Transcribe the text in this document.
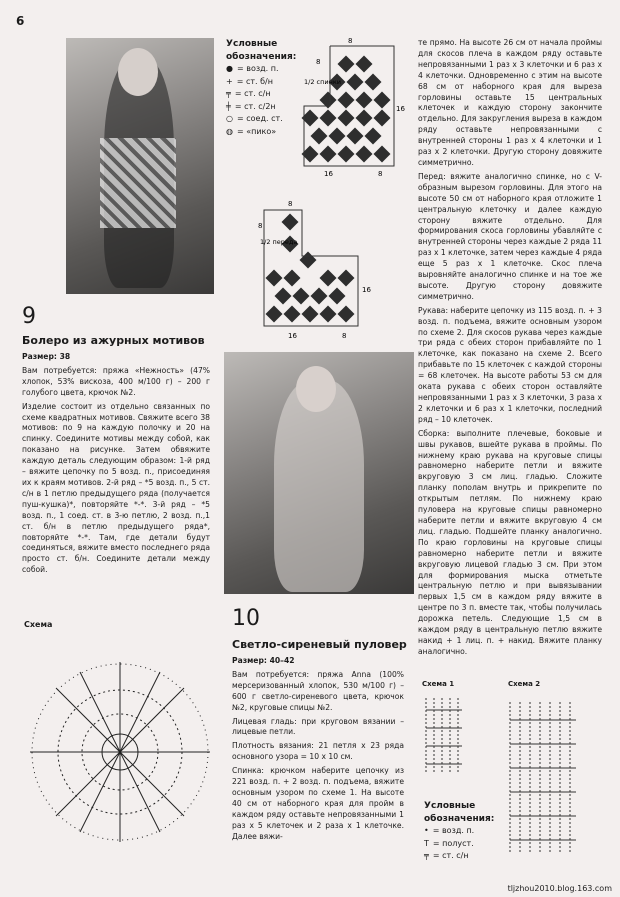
6
Условные обозначения:

● = возд. п.
+ = ст. б/н
╤ = ст. с/н
╪ = ст. с/2н
○ = соед. ст.
◍ = «пико»
8
8
1/2 спинки
16
16	8
8
8
1/2 переда
16
16	8
9
Болеро из ажурных мотивов

Размер: 38

Вам потребуется: пряжа «Нежность» (47% хлопок, 53% вискоза, 400 м/100 г) – 200 г голубого цвета, крючок №2.

Изделие состоит из отдельно связанных по схеме квадратных мотивов. Свяжите всего 38 мотивов: по 9 на каждую полочку и 20 на спинку. Соедините мотивы между собой, как показано на рисунке. Затем обвяжите каждую деталь следующим образом: 1-й ряд – вяжите цепочку по 5 возд. п., присоединяя их к краям мотивов. 2-й ряд – *5 возд. п., 5 ст. с/н в 1 петлю предыдущего ряда (получается пуш-кушка)*, повторяйте *-*. 3-й ряд – *5 возд. п., 1 соед. ст. в 3-ю петлю, 2 возд. п.,1 ст. б/н в петлю предыдущего ряда*, повторяйте *-*. Там, где детали будут соединяться, вяжите вместо последнего ряда просто ст. б/н. Соедините детали между собой.

Схема	10
Светло-сиреневый пуловер

Размер: 40–42

Вам потребуется: пряжа Anna (100% мерсеризованный хлопок, 530 м/100 г) – 600 г светло-сиреневого цвета, крючок №2, круговые спицы №2.

Лицевая гладь: при круговом вязании – лицевые петли.

Плотность вязания: 21 петля х 23 ряда основного узора = 10 х 10 см.

Спинка: крючком наберите цепочку из 221 возд. п. + 2 возд. п. подъема, вяжите основным узором по схеме 1. На высоте 40 см от наборного края для пройм в каждом ряду оставьте непровязанными 1 раз х 5 клеточек и 2 раза х 1 клеточке. Далее вяжи-

те прямо. На высоте 26 см от начала проймы для скосов плеча в каждом ряду оставьте непровязанными 1 раз х 3 клеточки и 6 раз х 4 клеточки. Одновременно с этим на высоте 68 см от наборного края для выреза горловины оставьте 15 центральных клеточек и каждую сторону закончите отдельно. Для закругления выреза в каждом ряду оставьте непровязанными с внутренней стороны 1 раз х 4 клеточки и 1 раз х 2 клеточки. Другую сторону довяжите симметрично.

Перед: вяжите аналогично спинке, но с V-образным вырезом горловины. Для этого на высоте 50 см от наборного края отложите 1 центральную клеточку и далее каждую сторону вяжите отдельно. Для формирования скоса горловины убавляйте с внутренней стороны через каждые 2 ряда 11 раз х 1 клеточке, затем через каждые 4 ряда еще 5 раз х 1 клеточке. Скос плеча выровняйте аналогично спинке и на тое же высоте. Другую сторону довяжите симметрично.

Рукава: наберите цепочку из 115 возд. п. + 3 возд. п. подъема, вяжите основным узором по схеме 2. Для скосов рукава через каждые три ряда с обеих сторон прибавляйте по 1 клеточке, как показано на схеме 2. Всего прибавьте по 15 клеточек с каждой стороны = 68 клеточек. На высоте работы 53 см для оката рукава с обеих сторон оставляйте непровязанными 1 раз х 3 клеточки, 3 раза х 2 клеточки и 6 раз х 1 клеточки, последний ряд – 10 клеточек.

Сборка: выполните плечевые, боковые и швы рукавов, вшейте рукава в проймы. По нижнему краю рукава на круговые спицы равномерно наберите петли и вяжите вкруговую 3 см лиц. гладью. Сложите планку пополам внутрь и прикрепите по открытым петлям. По нижнему краю пуловера на круговые спицы равномерно наберите петли и вяжите вкруговую 4 см лиц. гладью. Подшейте планку аналогично. По краю горловины на круговые спицы равномерно наберите петли и вяжите вкруговую лицевой гладью 3 см. При этом для формирования мыска отметьте центральную петлю и при вывязывании первых 1,5 см в каждом ряду вяжите в центре по 3 п. вместе так, чтобы получилась дорожка петель. Следующие 1,5 см в каждом ряду в центральную петлю вяжите накид + 1 лиц. п. + накид. Вяжите планку аналогично.

Схема 1	Схема 2
Условные обозначения:

• = возд. п.
T = полуст.
╤ = ст. с/н
tljzhou2010.blog.163.com
